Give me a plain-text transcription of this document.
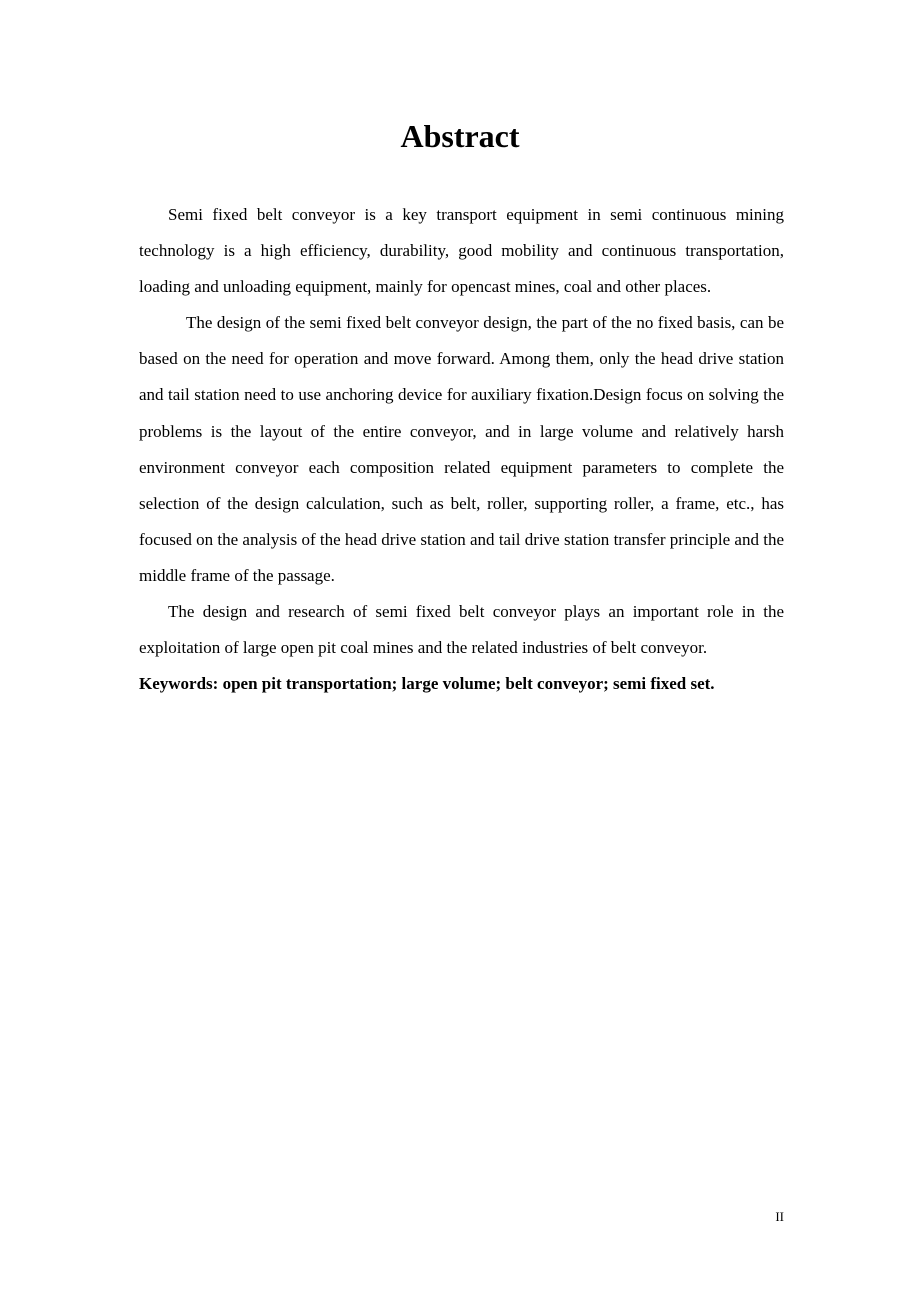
Abstract

Semi fixed belt conveyor is a key transport equipment in semi continuous mining technology is a high efficiency, durability, good mobility and continuous transportation, loading and unloading equipment, mainly for opencast mines, coal and other places.

The design of the semi fixed belt conveyor design, the part of the no fixed basis, can be based on the need for operation and move forward. Among them, only the head drive station and tail station need to use anchoring device for auxiliary fixation.Design focus on solving the problems is the layout of the entire conveyor, and in large volume and relatively harsh environment conveyor each composition related equipment parameters to complete the selection of the design calculation, such as belt, roller, supporting roller, a frame, etc., has focused on the analysis of the head drive station and tail drive station transfer principle and the middle frame of the passage.

The design and research of semi fixed belt conveyor plays an important role in the exploitation of large open pit coal mines and the related industries of belt conveyor.

Keywords: open pit transportation; large volume; belt conveyor; semi fixed set.

II
